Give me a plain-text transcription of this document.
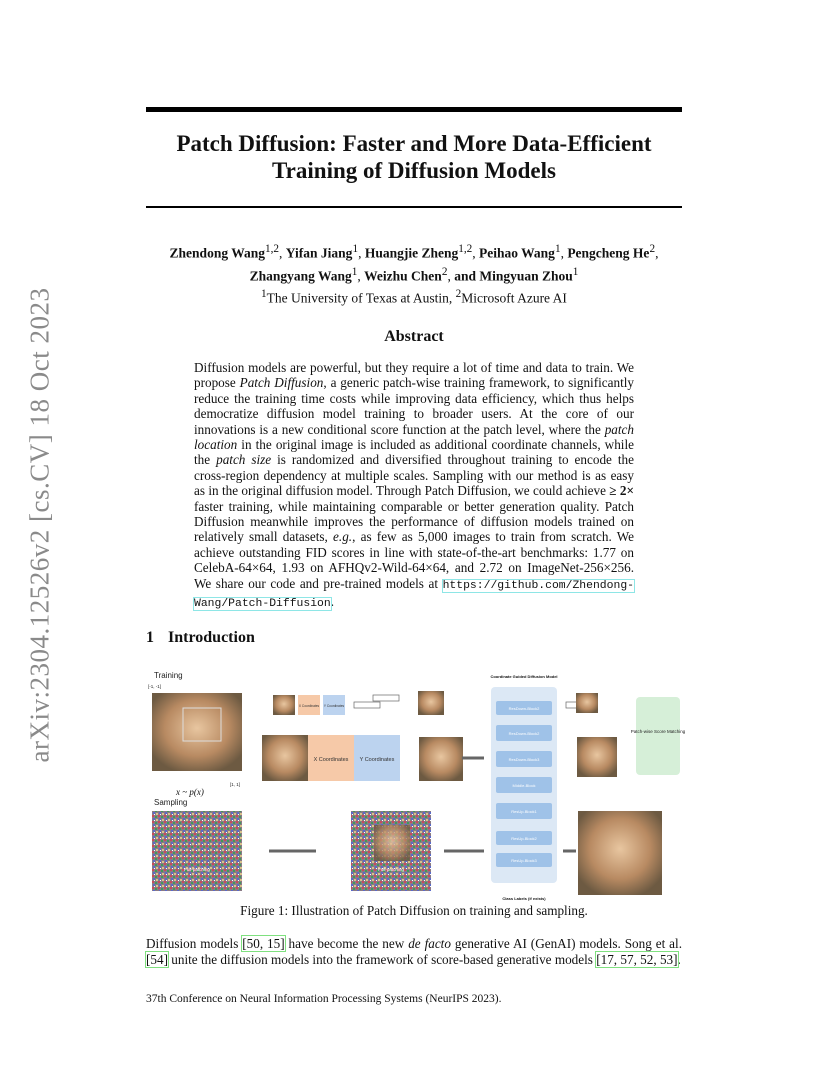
arXiv:2304.12526v2 [cs.CV] 18 Oct 2023
Patch Diffusion: Faster and More Data-Efficient
Training of Diffusion Models
Zhendong Wang$^{1,2}$, Yifan Jiang$^1$, Huangjie Zheng$^{1,2}$, Peihao Wang$^1$, Pengcheng He$^2$,
Zhangyang Wang$^1$, Weizhu Chen$^2$, and Mingyuan Zhou$^1$
$^1$The University of Texas at Austin, $^2$Microsoft Azure AI
Abstract
Diffusion models are powerful, but they require a lot of time and data to train. We propose Patch Diffusion, a generic patch-wise training framework, to significantly reduce the training time costs while improving data efficiency, which thus helps democratize diffusion model training to broader users. At the core of our innovations is a new conditional score function at the patch level, where the patch location in the original image is included as additional coordinate channels, while the patch size is randomized and diversified throughout training to encode the cross-region dependency at multiple scales. Sampling with our method is as easy as in the original diffusion model. Through Patch Diffusion, we could achieve ≥ 2× faster training, while maintaining comparable or better generation quality. Patch Diffusion meanwhile improves the performance of diffusion models trained on relatively small datasets, e.g., as few as 5,000 images to train from scratch. We achieve outstanding FID scores in line with state-of-the-art benchmarks: 1.77 on CelebA-64×64, 1.93 on AFHQv2-Wild-64×64, and 2.72 on ImageNet-256×256. We share our code and pre-trained models at https://github.com/Zhendong-Wang/Patch-Diffusion.
1 Introduction
Training
[-1, -1]
x ~ p(x)
[1, 1]
X Coordinates Y Coordinates
X Coordinates Y Coordinates
Coordinate Guided Diffusion Model
ResDown-Block2
ResDown-Block2
ResDown-Block3
Middle-Block
ResUp-Block1
ResUp-Block2
ResUp-Block3
Class Labels (if exists)
Patch-wise Score Matching
Sampling
Full-patching	Full-patching
Figure 1: Illustration of Patch Diffusion on training and sampling.
Diffusion models [50, 15] have become the new de facto generative AI (GenAI) models. Song et al. [54] unite the diffusion models into the framework of score-based generative models [17, 57, 52, 53].
37th Conference on Neural Information Processing Systems (NeurIPS 2023).
